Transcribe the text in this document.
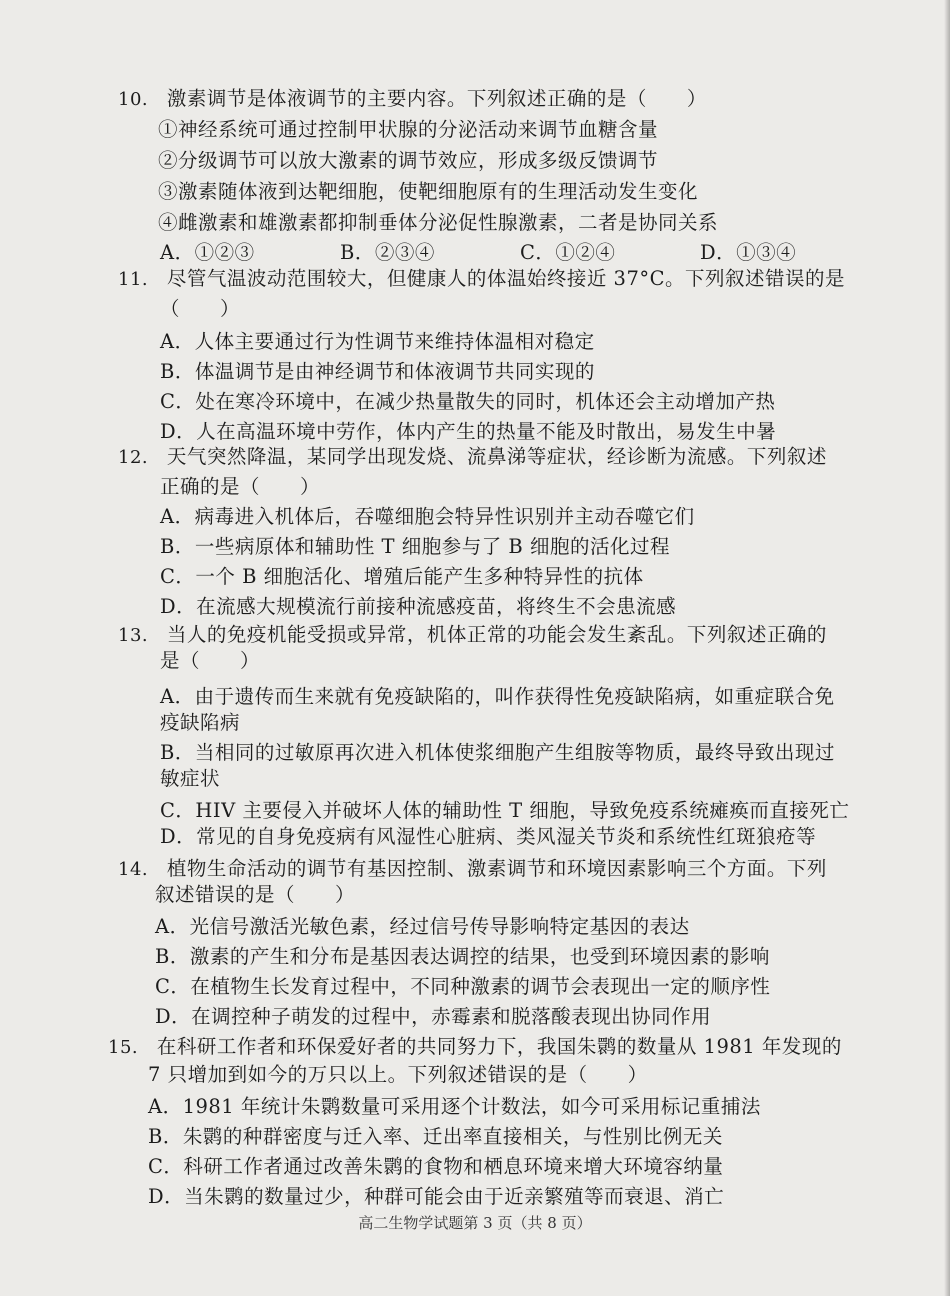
10. 激素调节是体液调节的主要内容。下列叙述正确的是（　　）
①神经系统可通过控制甲状腺的分泌活动来调节血糖含量
②分级调节可以放大激素的调节效应，形成多级反馈调节
③激素随体液到达靶细胞，使靶细胞原有的生理活动发生变化
④雌激素和雄激素都抑制垂体分泌促性腺激素，二者是协同关系
A．①②③	B．②③④	C．①②④	D．①③④
11. 尽管气温波动范围较大，但健康人的体温始终接近 37°C。下列叙述错误的是
（　　）
A．人体主要通过行为性调节来维持体温相对稳定
B．体温调节是由神经调节和体液调节共同实现的
C．处在寒冷环境中，在减少热量散失的同时，机体还会主动增加产热
D．人在高温环境中劳作，体内产生的热量不能及时散出，易发生中暑
12. 天气突然降温，某同学出现发烧、流鼻涕等症状，经诊断为流感。下列叙述
正确的是（　　）
A．病毒进入机体后，吞噬细胞会特异性识别并主动吞噬它们
B．一些病原体和辅助性 T 细胞参与了 B 细胞的活化过程
C．一个 B 细胞活化、增殖后能产生多种特异性的抗体
D．在流感大规模流行前接种流感疫苗，将终生不会患流感
13. 当人的免疫机能受损或异常，机体正常的功能会发生紊乱。下列叙述正确的
是（　　）
A．由于遗传而生来就有免疫缺陷的，叫作获得性免疫缺陷病，如重症联合免
疫缺陷病
B．当相同的过敏原再次进入机体使浆细胞产生组胺等物质，最终导致出现过
敏症状
C．HIV 主要侵入并破坏人体的辅助性 T 细胞，导致免疫系统瘫痪而直接死亡
D．常见的自身免疫病有风湿性心脏病、类风湿关节炎和系统性红斑狼疮等
14. 植物生命活动的调节有基因控制、激素调节和环境因素影响三个方面。下列
叙述错误的是（　　）
A．光信号激活光敏色素，经过信号传导影响特定基因的表达
B．激素的产生和分布是基因表达调控的结果，也受到环境因素的影响
C．在植物生长发育过程中，不同种激素的调节会表现出一定的顺序性
D．在调控种子萌发的过程中，赤霉素和脱落酸表现出协同作用
15. 在科研工作者和环保爱好者的共同努力下，我国朱鹮的数量从 1981 年发现的
7 只增加到如今的万只以上。下列叙述错误的是（　　）
A．1981 年统计朱鹮数量可采用逐个计数法，如今可采用标记重捕法
B．朱鹮的种群密度与迁入率、迁出率直接相关，与性别比例无关
C．科研工作者通过改善朱鹮的食物和栖息环境来增大环境容纳量
D．当朱鹮的数量过少，种群可能会由于近亲繁殖等而衰退、消亡
高二生物学试题第 3 页（共 8 页）
